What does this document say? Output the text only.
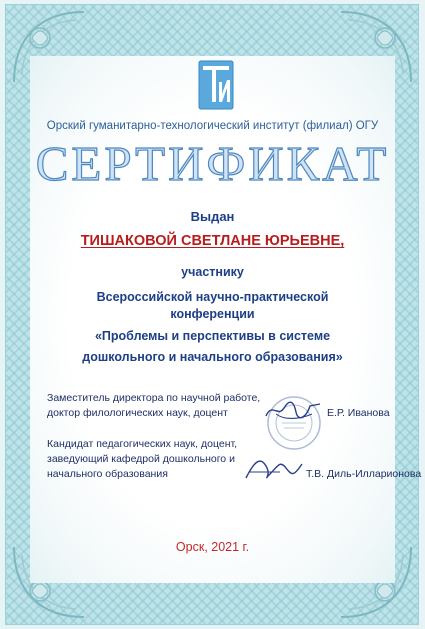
Орский гуманитарно-технологический институт (филиал) ОГУ
СЕРТИФИКАТ
Выдан
ТИШАКОВОЙ СВЕТЛАНЕ ЮРЬЕВНЕ,
участнику
Всероссийской научно-практической
конференции
«Проблемы и перспективы в системе
дошкольного и начального образования»
Заместитель директора по научной работе,
доктор филологических наук, доцент	Е.Р. Иванова
Кандидат педагогических наук, доцент,
заведующий кафедрой дошкольного и
начального образования	Т.В. Диль-Илларионова
Орск, 2021 г.
